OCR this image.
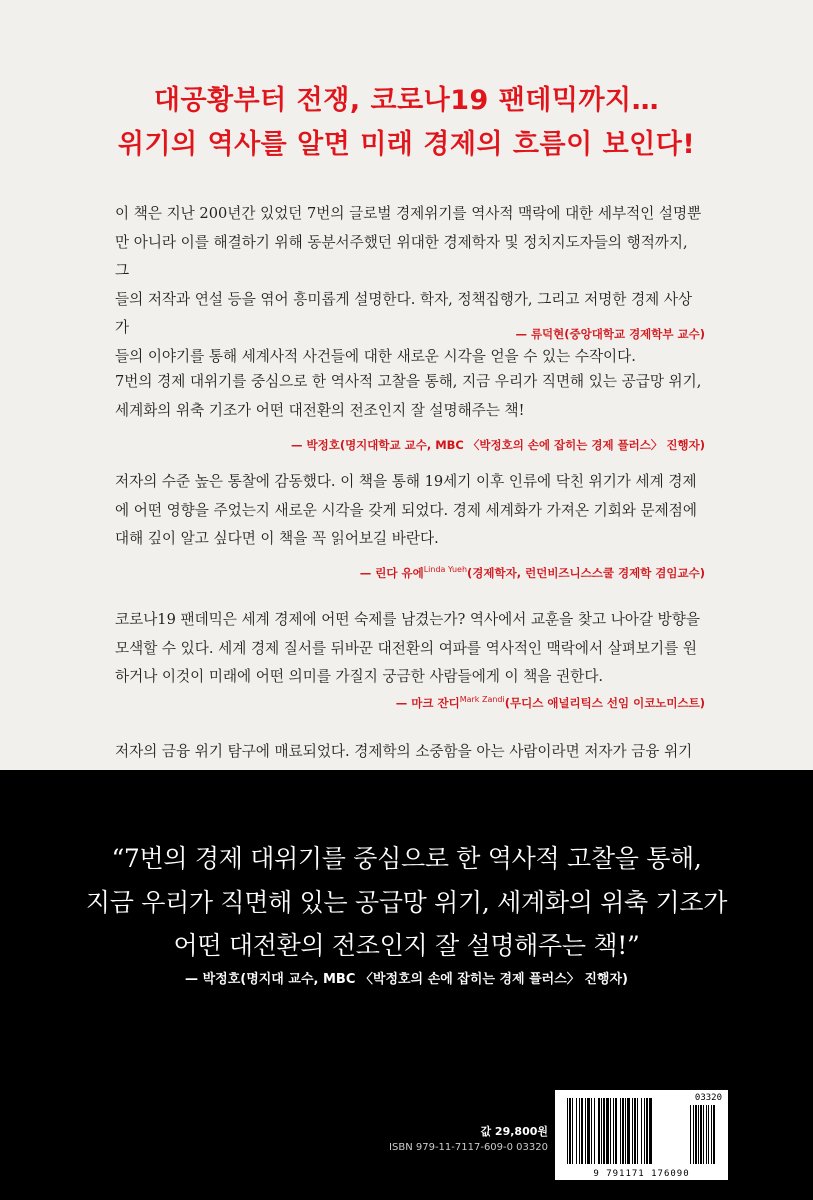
대공황부터 전쟁, 코로나19 팬데믹까지…
위기의 역사를 알면 미래 경제의 흐름이 보인다!

이 책은 지난 200년간 있었던 7번의 글로벌 경제위기를 역사적 맥락에 대한 세부적인 설명뿐

만 아니라 이를 해결하기 위해 동분서주했던 위대한 경제학자 및 정치지도자들의 행적까지, 그

들의 저작과 연설 등을 엮어 흥미롭게 설명한다. 학자, 정책집행가, 그리고 저명한 경제 사상가

들의 이야기를 통해 세계사적 사건들에 대한 새로운 시각을 얻을 수 있는 수작이다.

— 류덕현(중앙대학교 경제학부 교수)

7번의 경제 대위기를 중심으로 한 역사적 고찰을 통해, 지금 우리가 직면해 있는 공급망 위기,

세계화의 위축 기조가 어떤 대전환의 전조인지 잘 설명해주는 책!

— 박정호(명지대학교 교수, MBC 〈박정호의 손에 잡히는 경제 플러스〉 진행자)

저자의 수준 높은 통찰에 감동했다. 이 책을 통해 19세기 이후 인류에 닥친 위기가 세계 경제

에 어떤 영향을 주었는지 새로운 시각을 갖게 되었다. 경제 세계화가 가져온 기회와 문제점에

대해 깊이 알고 싶다면 이 책을 꼭 읽어보길 바란다.

— 린다 유에$^{Linda Yueh}$(경제학자, 런던비즈니스스쿨 경제학 겸임교수)

코로나19 팬데믹은 세계 경제에 어떤 숙제를 남겼는가? 역사에서 교훈을 찾고 나아갈 방향을

모색할 수 있다. 세계 경제 질서를 뒤바꾼 대전환의 여파를 역사적인 맥락에서 살펴보기를 원

하거나 이것이 미래에 어떤 의미를 가질지 궁금한 사람들에게 이 책을 권한다.

— 마크 잔디$^{Mark Zandi}$(무디스 애널리틱스 선임 이코노미스트)

저자의 금융 위기 탐구에 매료되었다. 경제학의 소중함을 아는 사람이라면 저자가 금융 위기

“7번의 경제 대위기를 중심으로 한 역사적 고찰을 통해,
지금 우리가 직면해 있는 공급망 위기, 세계화의 위축 기조가
어떤 대전환의 전조인지 잘 설명해주는 책!”
— 박정호(명지대 교수, MBC 〈박정호의 손에 잡히는 경제 플러스〉 진행자)
값 29,800원
ISBN 979-11-7117-609-0 03320
03320
9 791171 176090
